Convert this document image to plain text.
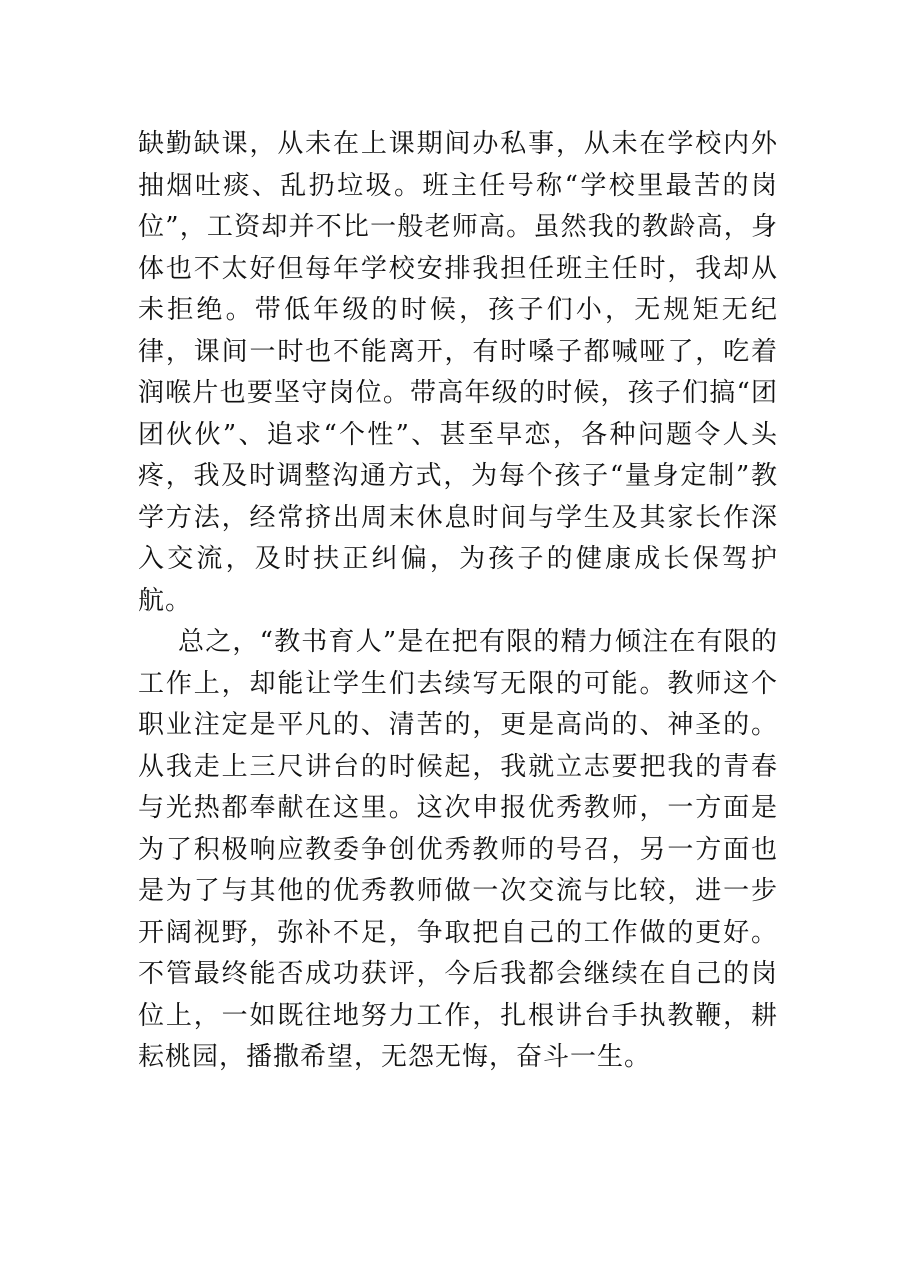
缺勤缺课，从未在上课期间办私事，从未在学校内外抽烟吐痰、乱扔垃圾。班主任号称“学校里最苦的岗位”，工资却并不比一般老师高。虽然我的教龄高，身体也不太好但每年学校安排我担任班主任时，我却从未拒绝。带低年级的时候，孩子们小，无规矩无纪律，课间一时也不能离开，有时嗓子都喊哑了，吃着润喉片也要坚守岗位。带高年级的时候，孩子们搞“团团伙伙”、追求“个性”、甚至早恋，各种问题令人头疼，我及时调整沟通方式，为每个孩子“量身定制”教学方法，经常挤出周末休息时间与学生及其家长作深入交流，及时扶正纠偏，为孩子的健康成长保驾护航。

总之，“教书育人”是在把有限的精力倾注在有限的工作上，却能让学生们去续写无限的可能。教师这个职业注定是平凡的、清苦的，更是高尚的、神圣的。从我走上三尺讲台的时候起，我就立志要把我的青春与光热都奉献在这里。这次申报优秀教师，一方面是为了积极响应教委争创优秀教师的号召，另一方面也是为了与其他的优秀教师做一次交流与比较，进一步开阔视野，弥补不足，争取把自己的工作做的更好。不管最终能否成功获评，今后我都会继续在自己的岗位上，一如既往地努力工作，扎根讲台手执教鞭，耕耘桃园，播撒希望，无怨无悔，奋斗一生。
